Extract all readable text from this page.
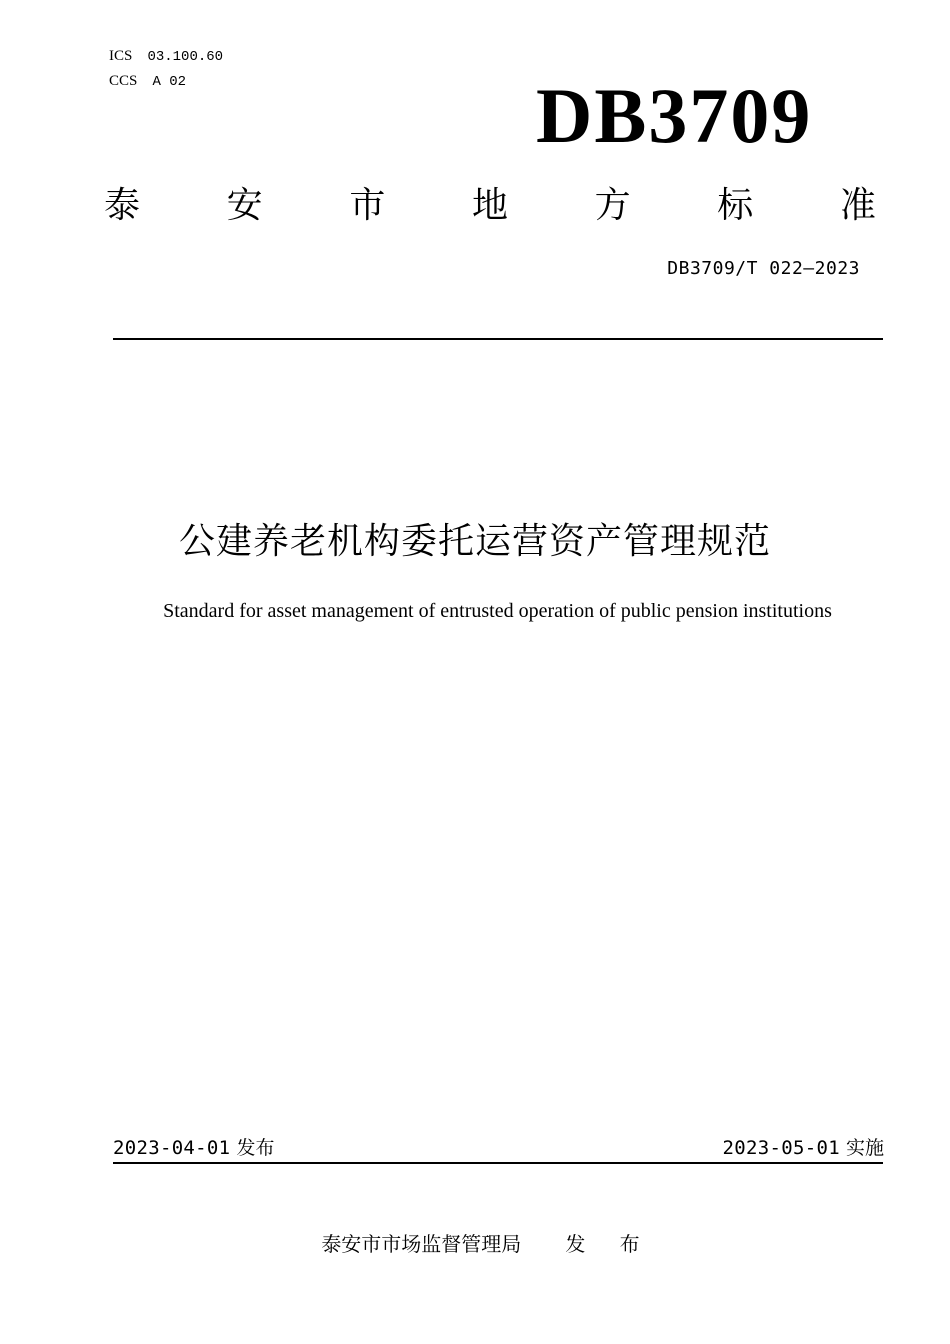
ICS 03.100.60
CCS A 02	DB3709
泰 安 市 地 方 标 准
DB3709/T 022—2023
公建养老机构委托运营资产管理规范
Standard for asset management of entrusted operation of public pension institutions
2023-04-01 发布	2023-05-01 实施
泰安市市场监督管理局 发 布
